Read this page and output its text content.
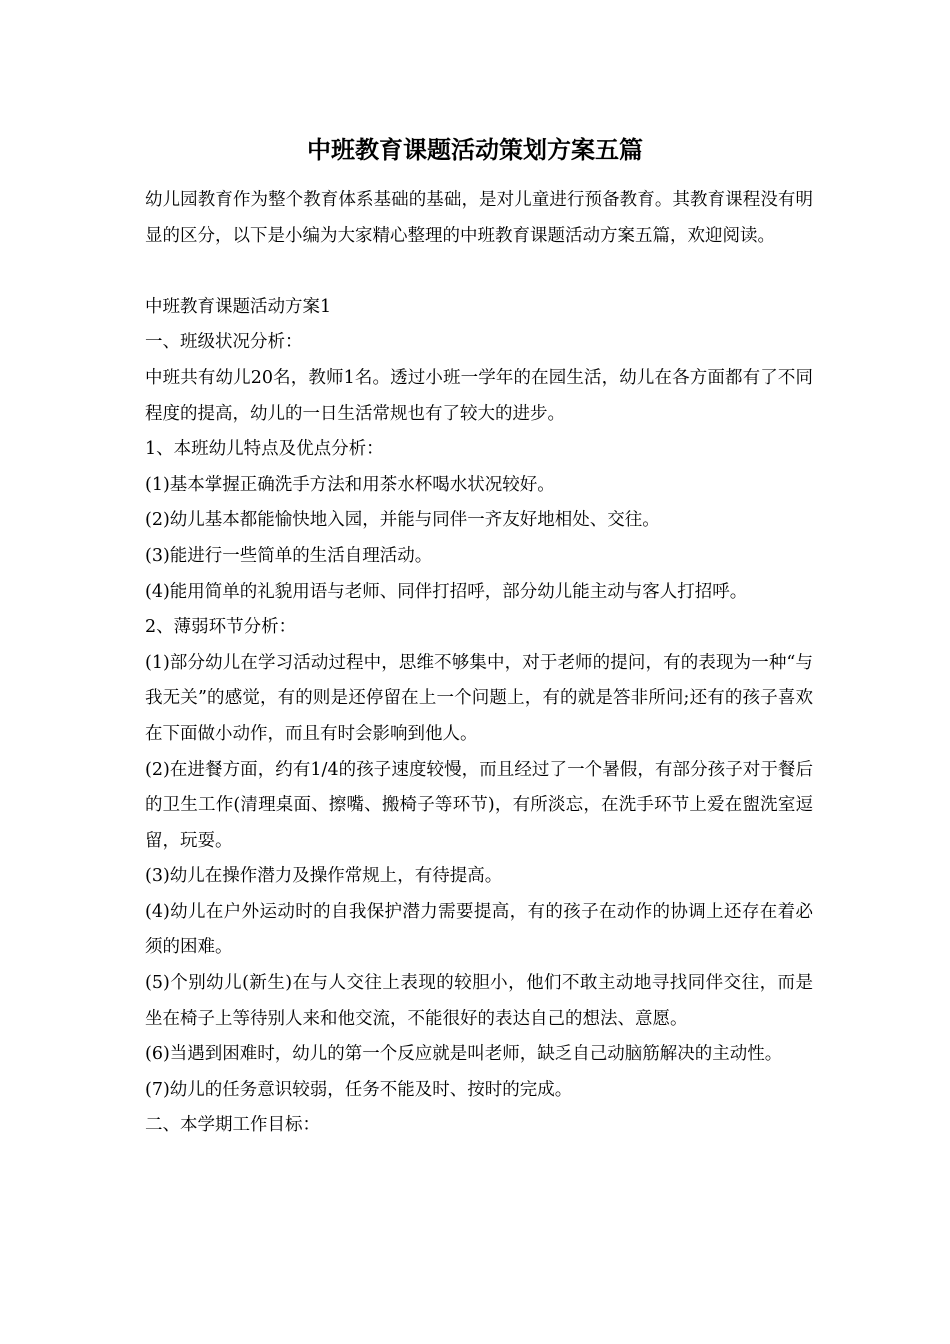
中班教育课题活动策划方案五篇

幼儿园教育作为整个教育体系基础的基础，是对儿童进行预备教育。其教育课程没有明显的区分，以下是小编为大家精心整理的中班教育课题活动方案五篇，欢迎阅读。

中班教育课题活动方案1

一、班级状况分析：

中班共有幼儿20名，教师1名。透过小班一学年的在园生活，幼儿在各方面都有了不同程度的提高，幼儿的一日生活常规也有了较大的进步。

1、本班幼儿特点及优点分析：

(1)基本掌握正确洗手方法和用茶水杯喝水状况较好。

(2)幼儿基本都能愉快地入园，并能与同伴一齐友好地相处、交往。

(3)能进行一些简单的生活自理活动。

(4)能用简单的礼貌用语与老师、同伴打招呼，部分幼儿能主动与客人打招呼。

2、薄弱环节分析：

(1)部分幼儿在学习活动过程中，思维不够集中，对于老师的提问，有的表现为一种“与我无关”的感觉，有的则是还停留在上一个问题上，有的就是答非所问;还有的孩子喜欢在下面做小动作，而且有时会影响到他人。

(2)在进餐方面，约有1/4的孩子速度较慢，而且经过了一个暑假，有部分孩子对于餐后的卫生工作(清理桌面、擦嘴、搬椅子等环节)，有所淡忘，在洗手环节上爱在盥洗室逗留，玩耍。

(3)幼儿在操作潜力及操作常规上，有待提高。

(4)幼儿在户外运动时的自我保护潜力需要提高，有的孩子在动作的协调上还存在着必须的困难。

(5)个别幼儿(新生)在与人交往上表现的较胆小，他们不敢主动地寻找同伴交往，而是坐在椅子上等待别人来和他交流，不能很好的表达自己的想法、意愿。

(6)当遇到困难时，幼儿的第一个反应就是叫老师，缺乏自己动脑筋解决的主动性。

(7)幼儿的任务意识较弱，任务不能及时、按时的完成。

二、本学期工作目标：
